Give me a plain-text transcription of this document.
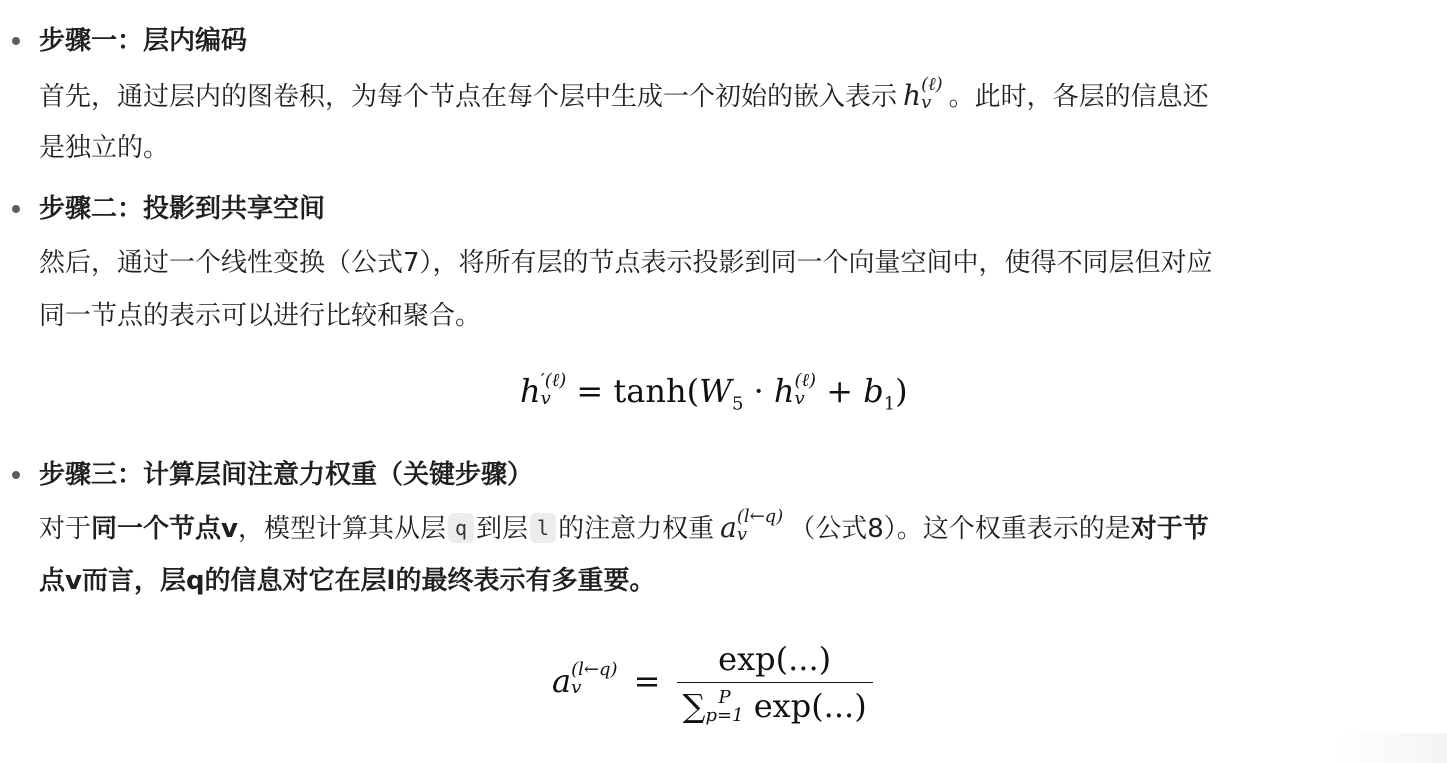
步骤一：层内编码
首先，通过层内的图卷积，为每个节点在每个层中生成一个初始的嵌入表示 h (ℓ)
v 。此时，各层的信息还
是独立的。
步骤二：投影到共享空间
然后，通过一个线性变换（公式7），将所有层的节点表示投影到同一个向量空间中，使得不同层但对应
同一节点的表示可以进行比较和聚合。
h ′(ℓ)
$v = \tanh(W_5 \cdot h$ (ℓ)
$v + b_1$)
步骤三：计算层间注意力权重（关键步骤）
对于同一个节点v，模型计算其从层 q 到层 l 的注意力权重 a (l←q)
v	（公式8）。这个权重表示的是对于节
点v而言，层q的信息对它在层l的最终表示有多重要。
a (l←q)
v	= exp(...)
∑ P
p=1 exp(...)
